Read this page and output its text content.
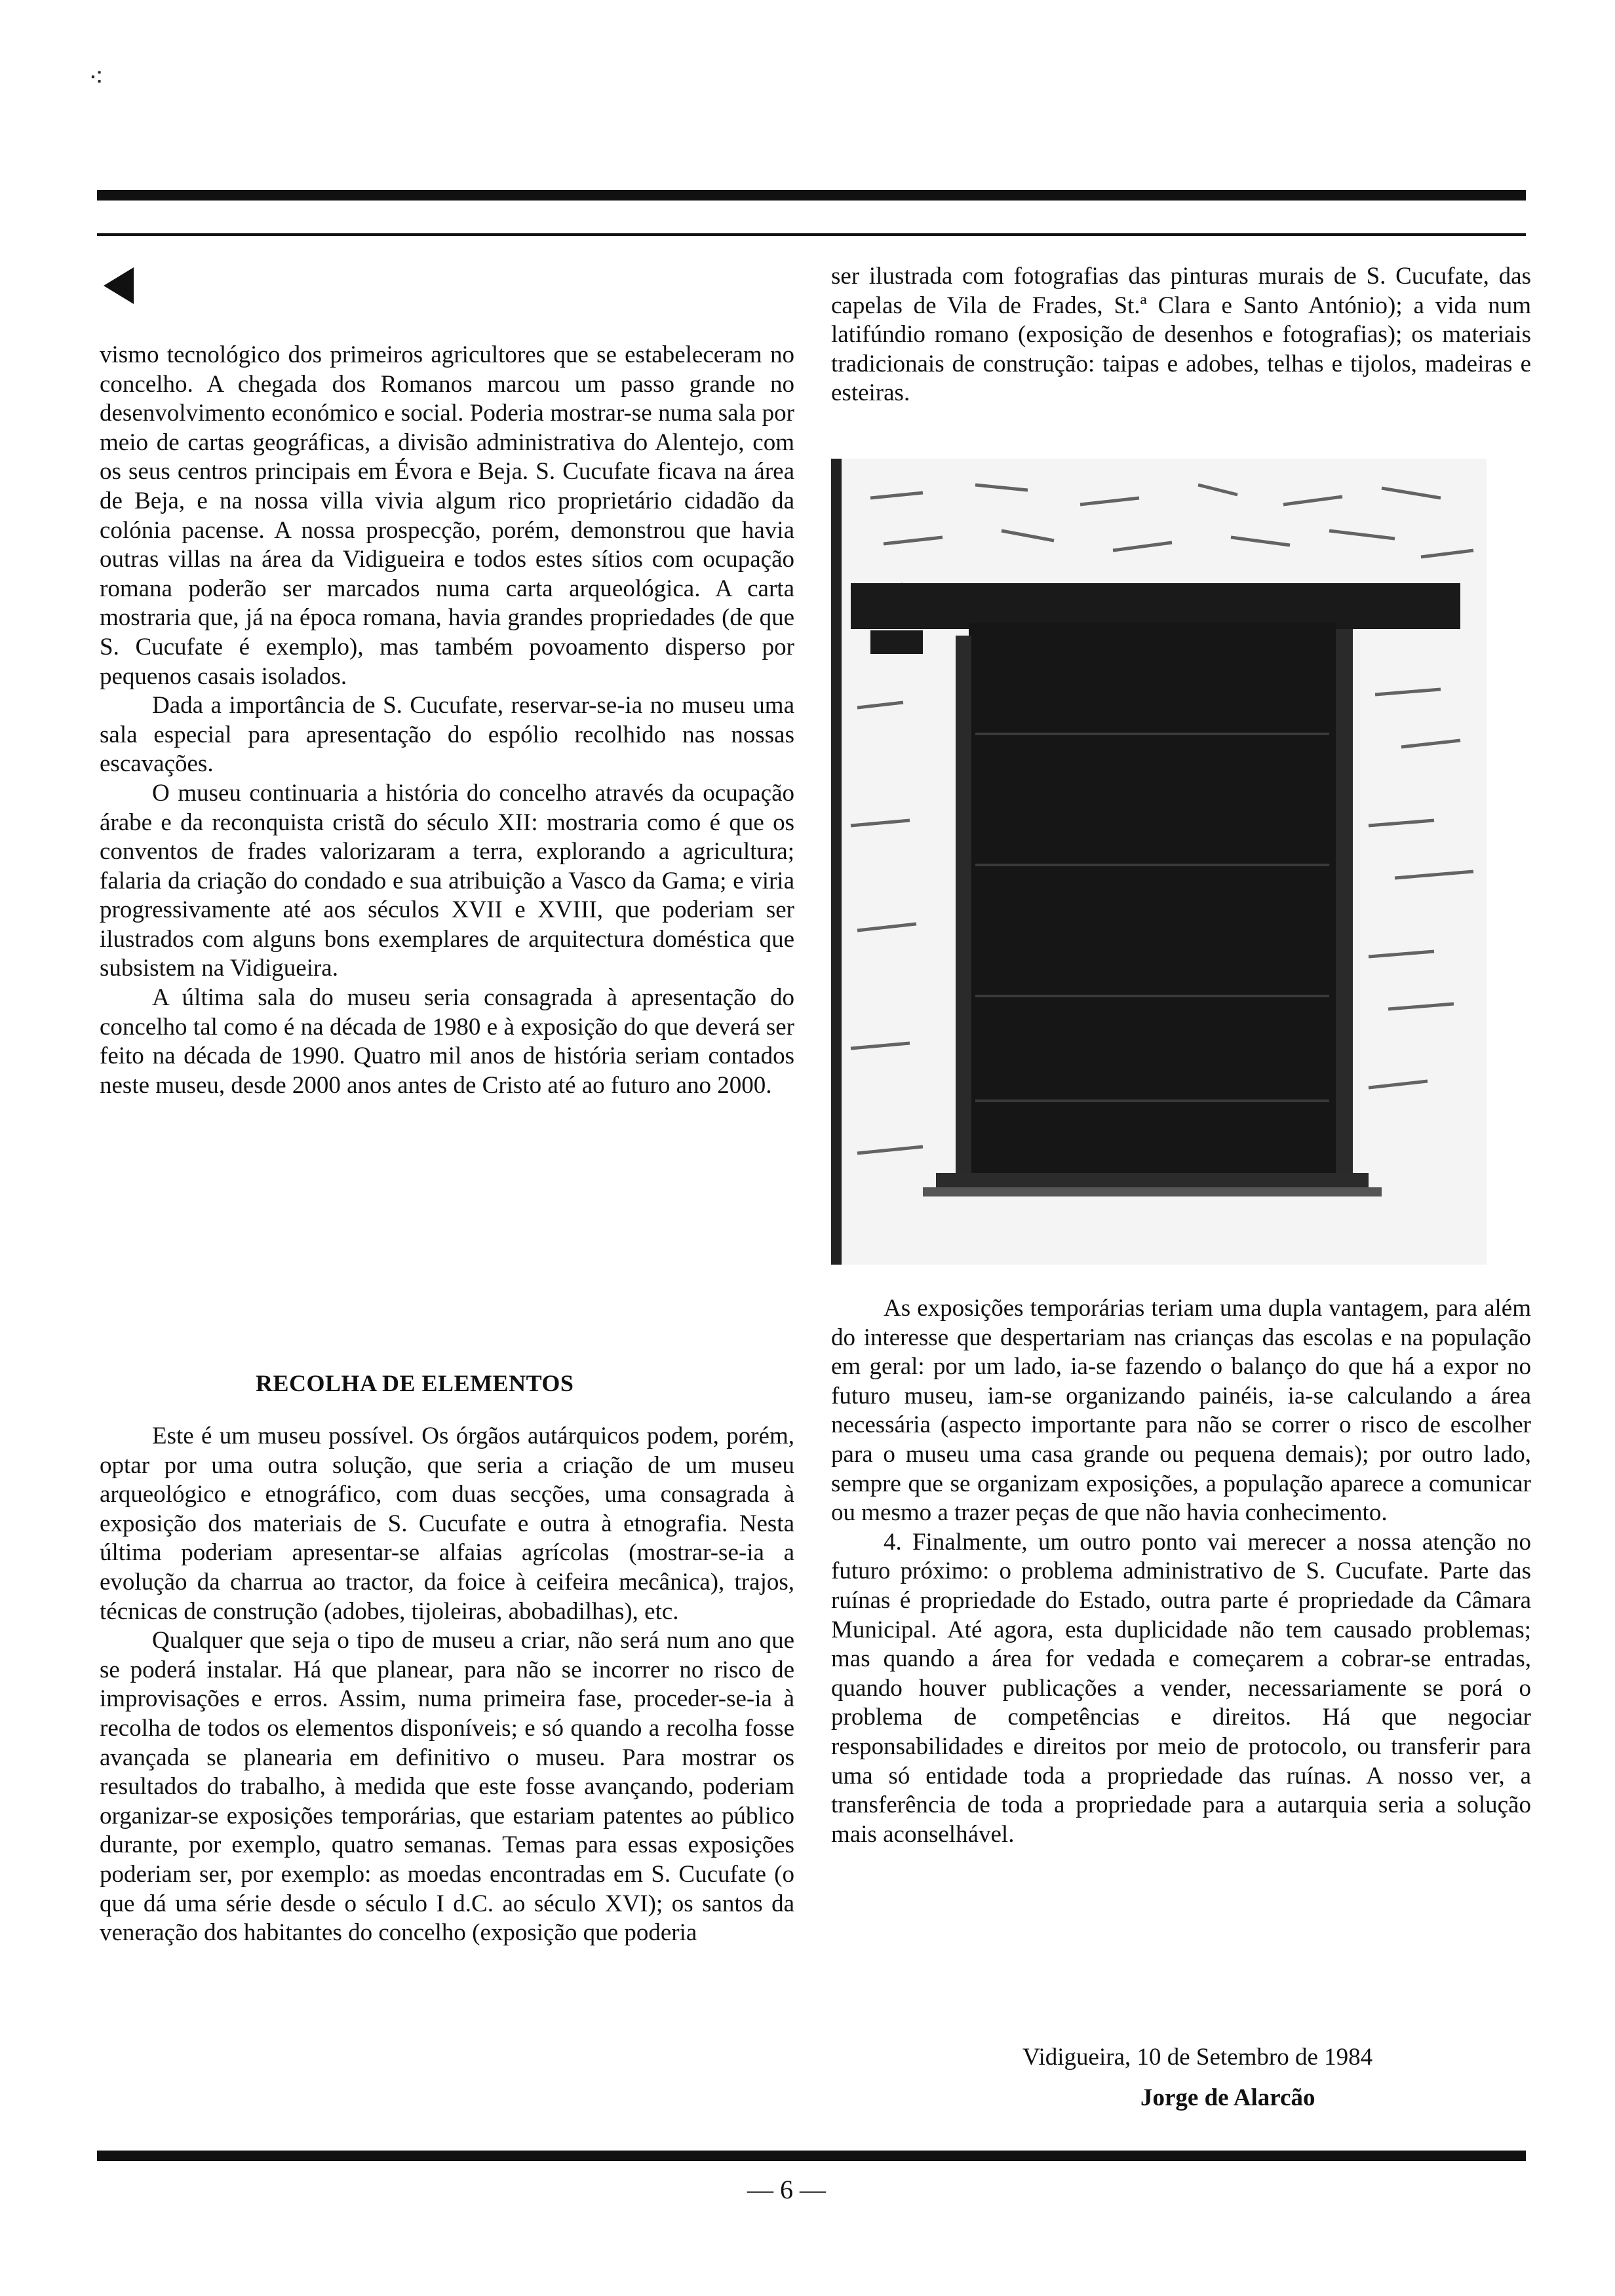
⁖

vismo tecnológico dos primeiros agricultores que se estabeleceram no concelho. A chegada dos Romanos marcou um passo grande no desenvolvimento económico e social. Poderia mostrar-se numa sala por meio de cartas geográficas, a divisão administrativa do Alentejo, com os seus centros principais em Évora e Beja. S. Cucufate ficava na área de Beja, e na nossa villa vivia algum rico proprietário cidadão da colónia pacense. A nossa prospecção, porém, demonstrou que havia outras villas na área da Vidigueira e todos estes sítios com ocupação romana poderão ser marcados numa carta arqueológica. A carta mostraria que, já na época romana, havia grandes propriedades (de que S. Cucufate é exemplo), mas também povoamento disperso por pequenos casais isolados.

Dada a importância de S. Cucufate, reservar-se-ia no museu uma sala especial para apresentação do espólio recolhido nas nossas escavações.

O museu continuaria a história do concelho através da ocupação árabe e da reconquista cristã do século XII: mostraria como é que os conventos de frades valorizaram a terra, explorando a agricultura; falaria da criação do condado e sua atribuição a Vasco da Gama; e viria progressivamente até aos séculos XVII e XVIII, que poderiam ser ilustrados com alguns bons exemplares de arquitectura doméstica que subsistem na Vidigueira.

A última sala do museu seria consagrada à apresentação do concelho tal como é na década de 1980 e à exposição do que deverá ser feito na década de 1990. Quatro mil anos de história seriam contados neste museu, desde 2000 anos antes de Cristo até ao futuro ano 2000.

RECOLHA DE ELEMENTOS

Este é um museu possível. Os órgãos autárquicos podem, porém, optar por uma outra solução, que seria a criação de um museu arqueológico e etnográfico, com duas secções, uma consagrada à exposição dos materiais de S. Cucufate e outra à etnografia. Nesta última poderiam apresentar-se alfaias agrícolas (mostrar-se-ia a evolução da charrua ao tractor, da foice à ceifeira mecânica), trajos, técnicas de construção (adobes, tijoleiras, abobadilhas), etc.

Qualquer que seja o tipo de museu a criar, não será num ano que se poderá instalar. Há que planear, para não se incorrer no risco de improvisações e erros. Assim, numa primeira fase, proceder-se-ia à recolha de todos os elementos disponíveis; e só quando a recolha fosse avançada se planearia em definitivo o museu. Para mostrar os resultados do trabalho, à medida que este fosse avançando, poderiam organizar-se exposições temporárias, que estariam patentes ao público durante, por exemplo, quatro semanas. Temas para essas exposições poderiam ser, por exemplo: as moedas encontradas em S. Cucufate (o que dá uma série desde o século I d.C. ao século XVI); os santos da veneração dos habitantes do concelho (exposição que poderia

ser ilustrada com fotografias das pinturas murais de S. Cucufate, das capelas de Vila de Frades, St.ª Clara e Santo António); a vida num latifúndio romano (exposição de desenhos e fotografias); os materiais tradicionais de construção: taipas e adobes, telhas e tijolos, madeiras e esteiras.

As exposições temporárias teriam uma dupla vantagem, para além do interesse que despertariam nas crianças das escolas e na população em geral: por um lado, ia-se fazendo o balanço do que há a expor no futuro museu, iam-se organizando painéis, ia-se calculando a área necessária (aspecto importante para não se correr o risco de escolher para o museu uma casa grande ou pequena demais); por outro lado, sempre que se organizam exposições, a população aparece a comunicar ou mesmo a trazer peças de que não havia conhecimento.

4. Finalmente, um outro ponto vai merecer a nossa atenção no futuro próximo: o problema administrativo de S. Cucufate. Parte das ruínas é propriedade do Estado, outra parte é propriedade da Câmara Municipal. Até agora, esta duplicidade não tem causado problemas; mas quando a área for vedada e começarem a cobrar-se entradas, quando houver publicações a vender, necessariamente se porá o problema de competências e direitos. Há que negociar responsabilidades e direitos por meio de protocolo, ou transferir para uma só entidade toda a propriedade das ruínas. A nosso ver, a transferência de toda a propriedade para a autarquia seria a solução mais aconselhável.

Vidigueira, 10 de Setembro de 1984
Jorge de Alarcão
— 6 —
